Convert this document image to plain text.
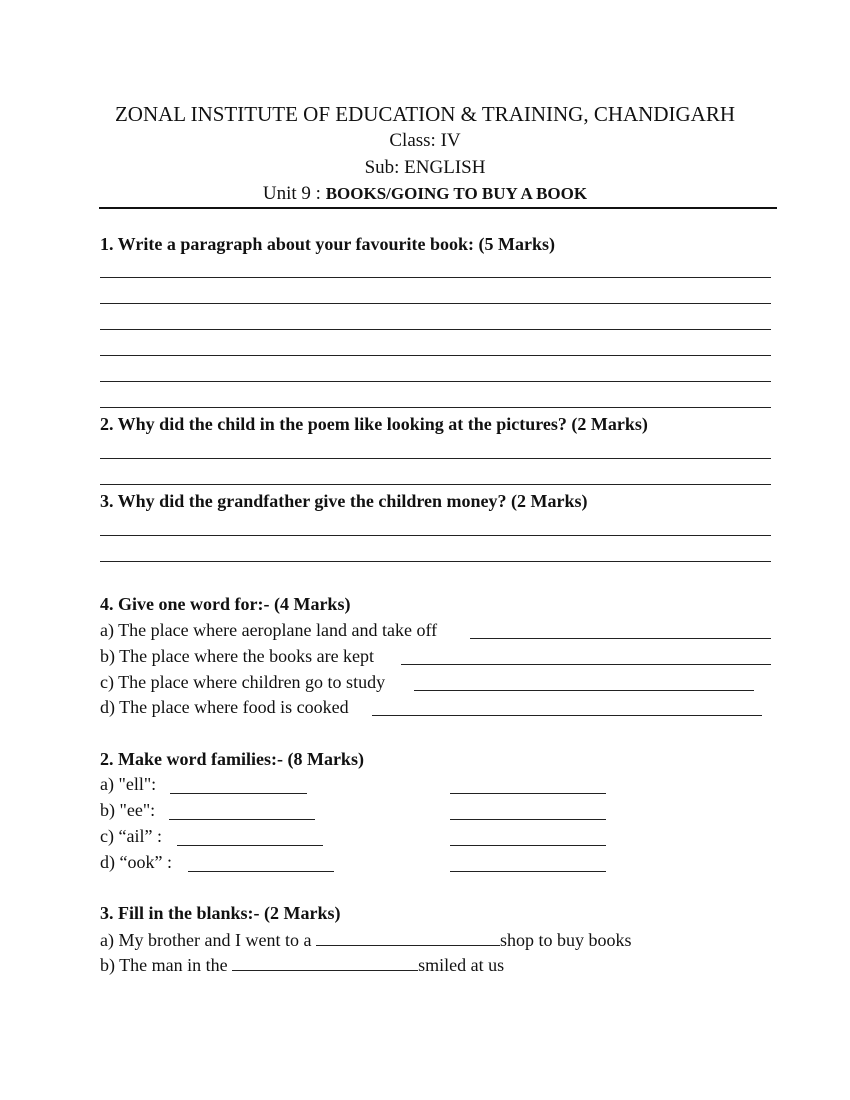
ZONAL INSTITUTE OF EDUCATION & TRAINING, CHANDIGARH
Class: IV
Sub: ENGLISH
Unit 9 : BOOKS/GOING TO BUY A BOOK
1. Write a paragraph about your favourite book: (5 Marks)
2. Why did the child in the poem like looking at the pictures? (2 Marks)
3. Why did the grandfather give the children money? (2 Marks)
4. Give one word for:- (4 Marks)
a) The place where aeroplane land and take off
b) The place where the books are kept
c) The place where children go to study
d) The place where food is cooked
2. Make word families:- (8 Marks)
a) "ell":
b) "ee":
c) “ail” :
d) “ook” :
3. Fill in the blanks:- (2 Marks)
a) My brother and I went to a	shop to buy books
b) The man in the	smiled at us
